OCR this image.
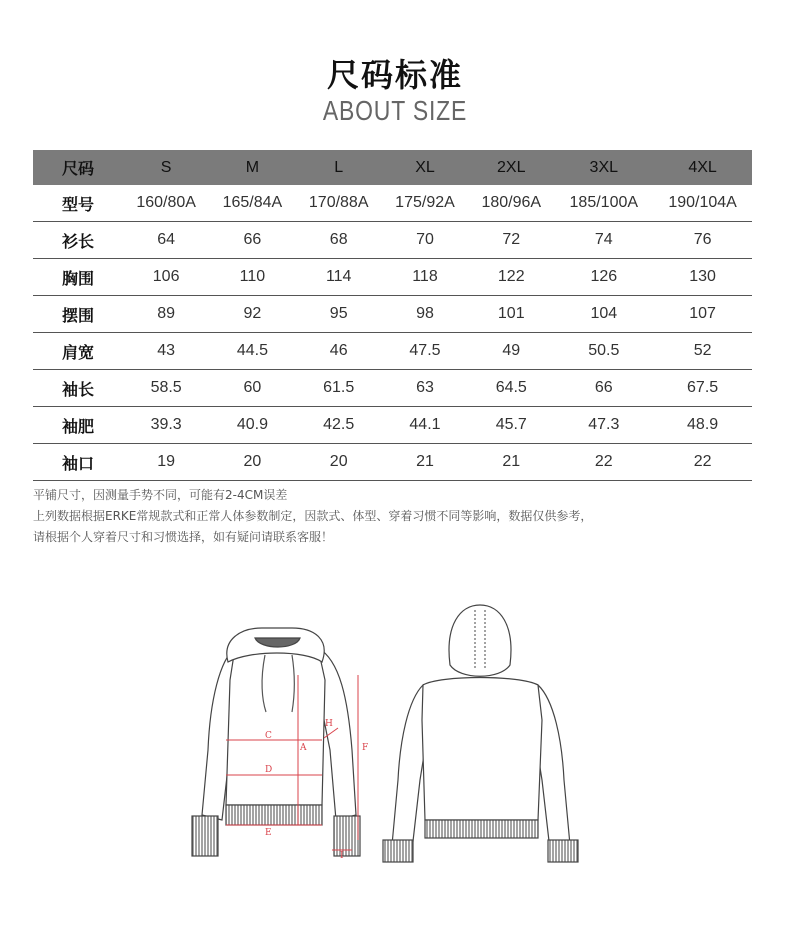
尺码标准
ABOUT SIZE
尺码	S	M	L	XL	2XL	3XL	4XL
型号	160/80A	165/84A	170/88A	175/92A	180/96A	185/100A	190/104A
衫长	64	66	68	70	72	74	76
胸围	106	110	114	118	122	126	130
摆围	89	92	95	98	101	104	107
肩宽	43	44.5	46	47.5	49	50.5	52
袖长	58.5	60	61.5	63	64.5	66	67.5
袖肥	39.3	40.9	42.5	44.1	45.7	47.3	48.9
袖口	19	20	20	21	21	22	22
平铺尺寸，因测量手势不同，可能有2-4CM误差
上列数据根据ERKE常规款式和正常人体参数制定，因款式、体型、穿着习惯不同等影响，数据仅供参考，
请根据个人穿着尺寸和习惯选择，如有疑问请联系客服！
A
C
D
E
F
H
I
